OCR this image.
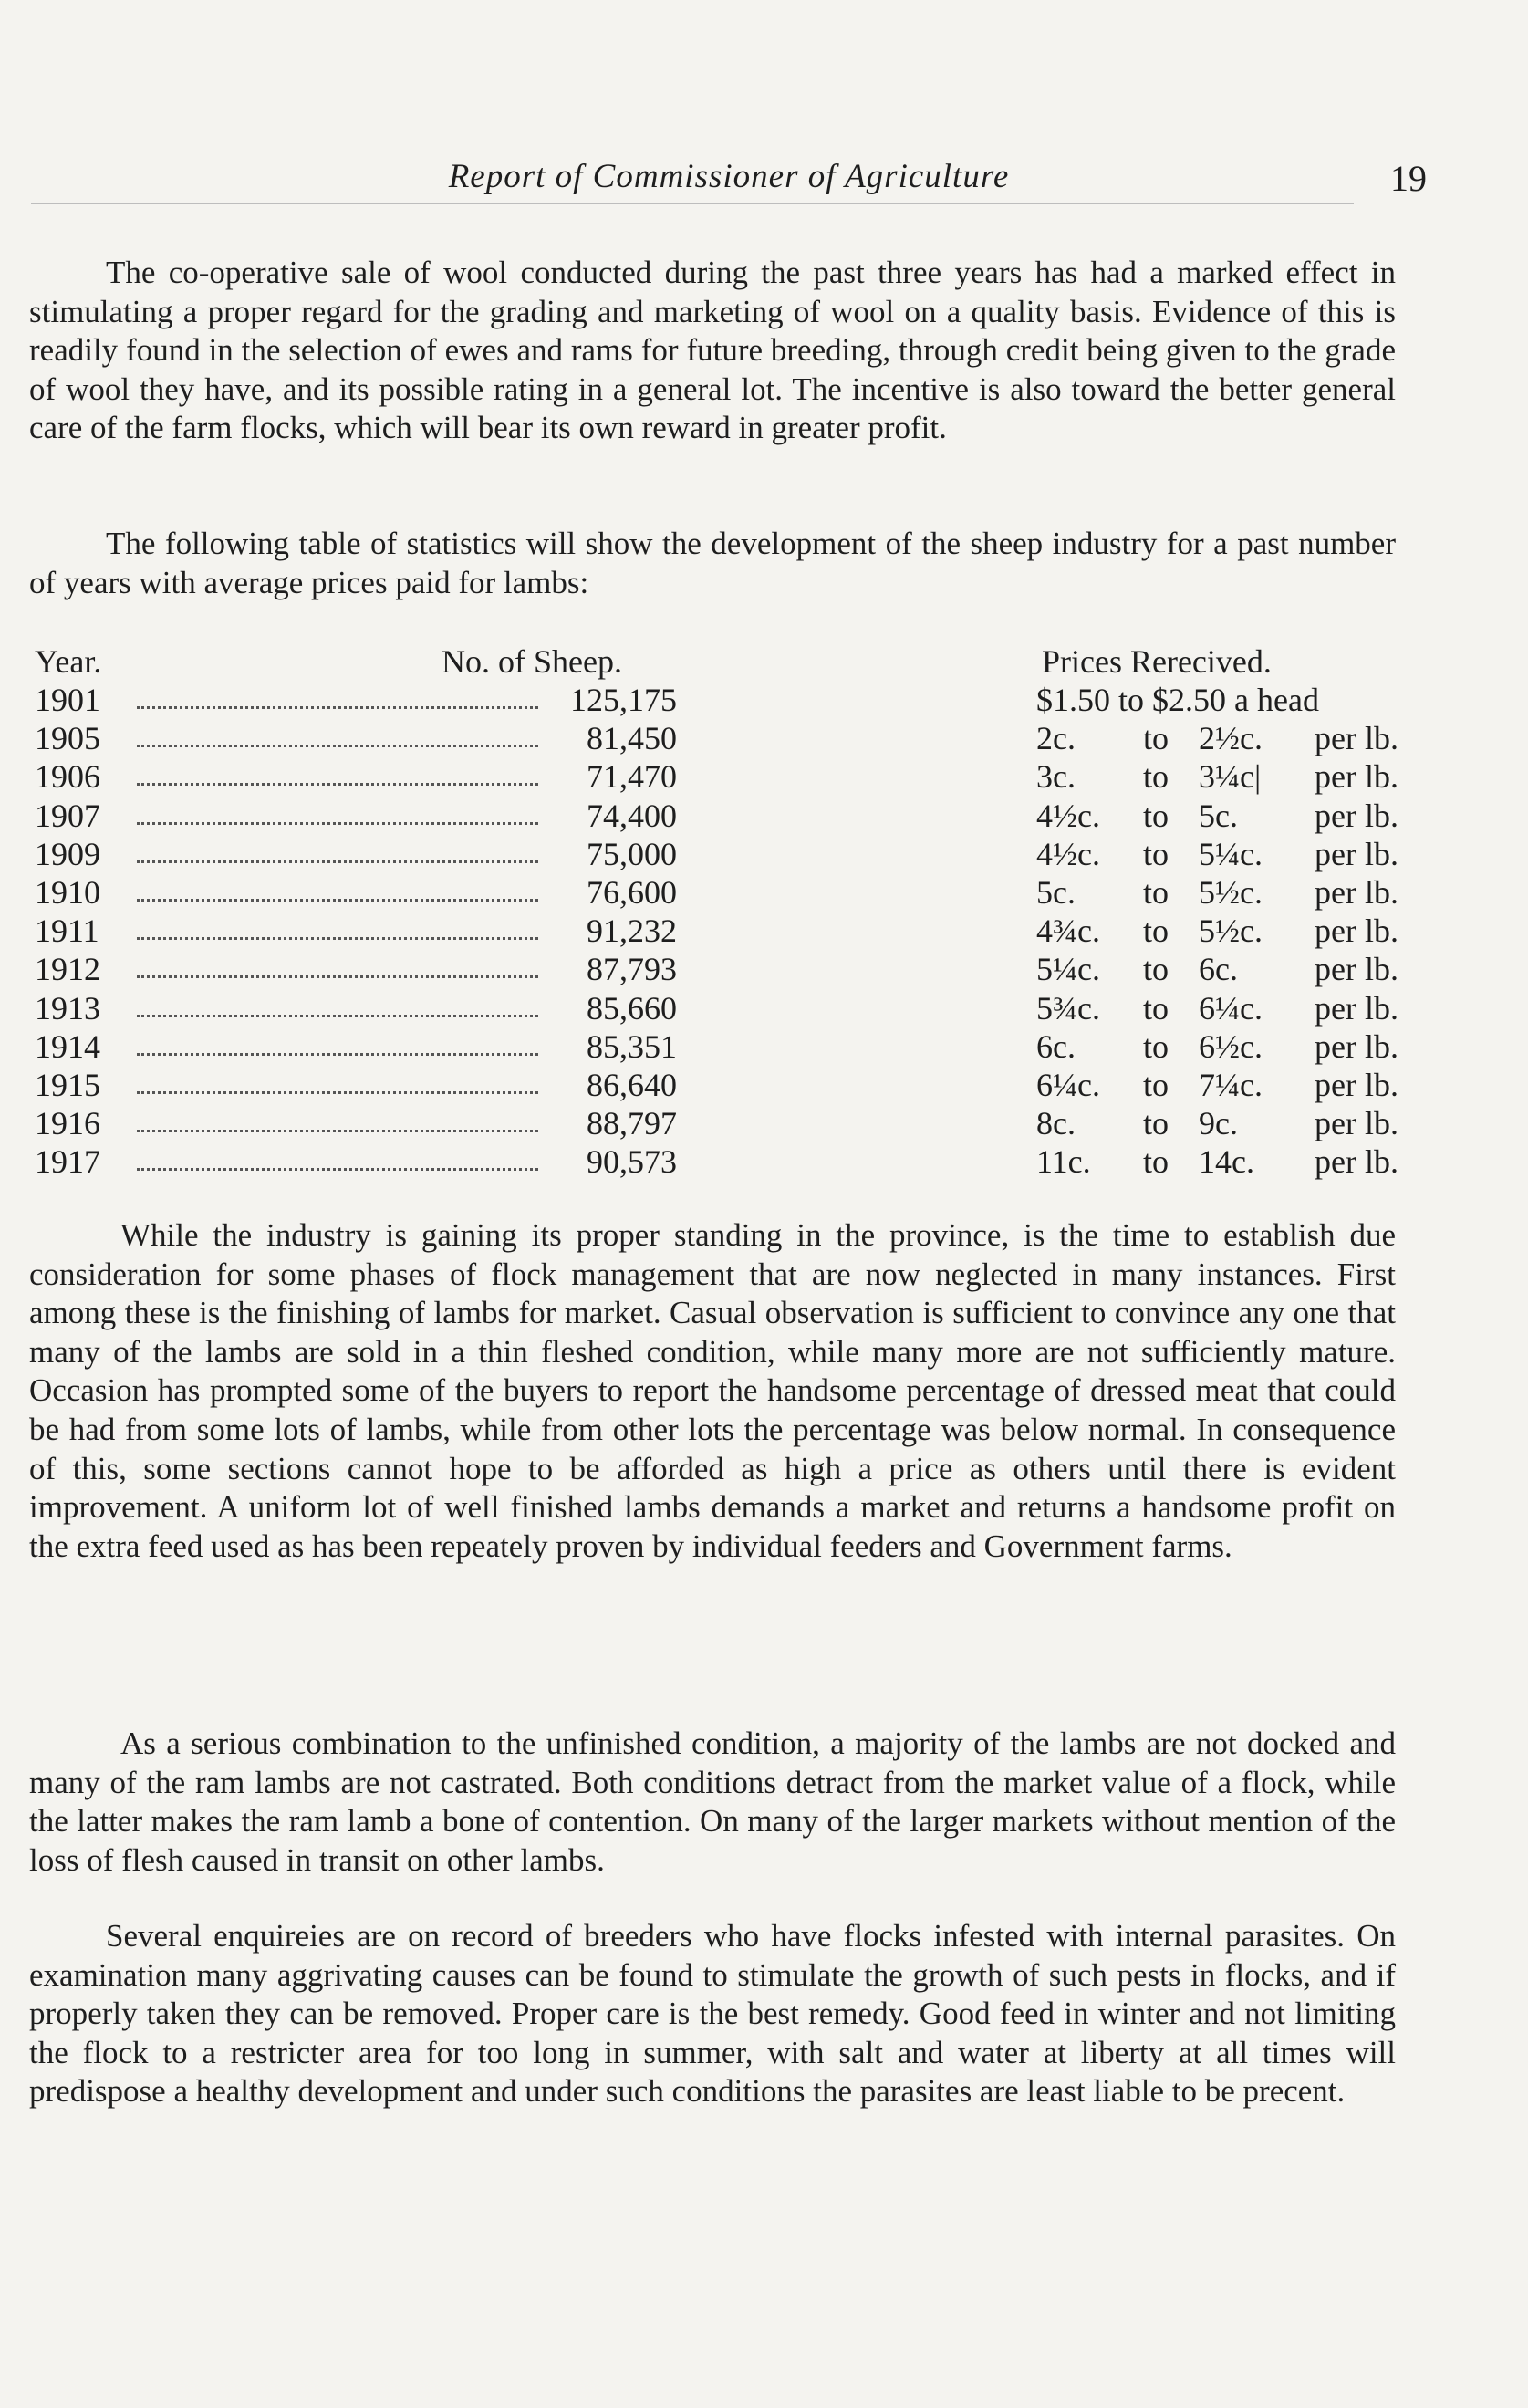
Report of Commissioner of Agriculture	19

The co-operative sale of wool conducted during the past three years has had a marked effect in stimulating a proper regard for the grading and marketing of wool on a quality basis. Evidence of this is readily found in the selection of ewes and rams for future breeding, through credit being given to the grade of wool they have, and its possible rating in a general lot. The incentive is also toward the better general care of the farm flocks, which will bear its own reward in greater profit.

The following table of statistics will show the development of the sheep industry for a past number of years with average prices paid for lambs:

Year.	No. of Sheep.	Prices Rerecived.
1901	125,175	$1.50 to $2.50 a head
1905	81,450	2c. to 2½c. per lb.
1906	71,470	3c. to 3¼c| per lb.
1907	74,400	4½c. to 5c. per lb.
1909	75,000	4½c. to 5¼c. per lb.
1910	76,600	5c. to 5½c. per lb.
1911	91,232	4¾c. to 5½c. per lb.
1912	87,793	5¼c. to 6c. per lb.
1913	85,660	5¾c. to 6¼c. per lb.
1914	85,351	6c. to 6½c. per lb.
1915	86,640	6¼c. to 7¼c. per lb.
1916	88,797	8c. to 9c. per lb.
1917	90,573	11c. to 14c. per lb.

While the industry is gaining its proper standing in the province, is the time to establish due consideration for some phases of flock management that are now neglected in many instances. First among these is the finishing of lambs for market. Casual observation is sufficient to convince any one that many of the lambs are sold in a thin fleshed condition, while many more are not sufficiently mature. Occasion has prompted some of the buyers to report the handsome percentage of dressed meat that could be had from some lots of lambs, while from other lots the percentage was below normal. In consequence of this, some sections cannot hope to be afforded as high a price as others until there is evident improvement. A uniform lot of well finished lambs demands a market and returns a handsome profit on the extra feed used as has been repeately proven by individual feeders and Government farms.

As a serious combination to the unfinished condition, a majority of the lambs are not docked and many of the ram lambs are not castrated. Both conditions detract from the market value of a flock, while the latter makes the ram lamb a bone of contention. On many of the larger markets without mention of the loss of flesh caused in transit on other lambs.

Several enquireies are on record of breeders who have flocks infested with internal parasites. On examination many aggrivating causes can be found to stimulate the growth of such pests in flocks, and if properly taken they can be removed. Proper care is the best remedy. Good feed in winter and not limiting the flock to a restricter area for too long in summer, with salt and water at liberty at all times will predispose a healthy development and under such conditions the parasites are least liable to be precent.
